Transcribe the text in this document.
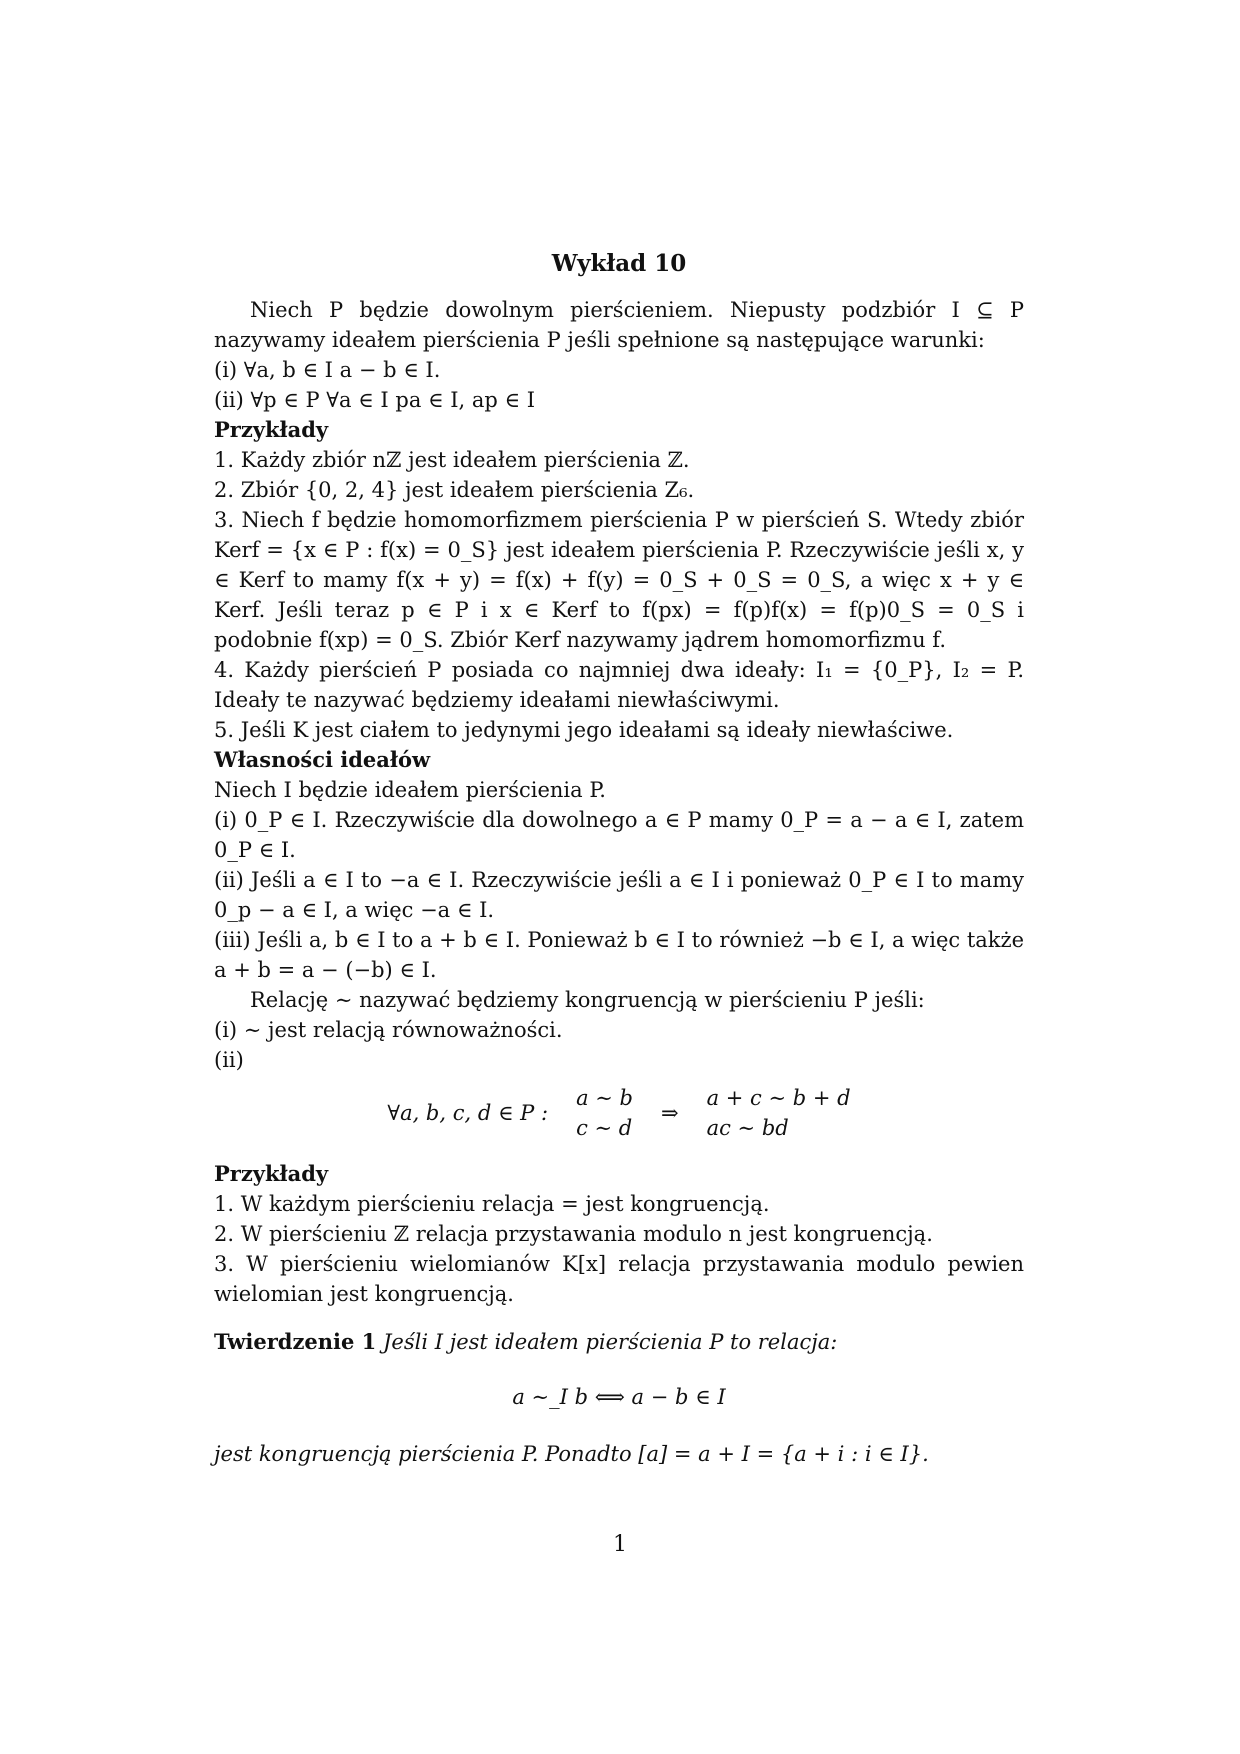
Wykład 10

Niech P będzie dowolnym pierścieniem. Niepusty podzbiór I ⊆ P nazywamy ideałem pierścienia P jeśli spełnione są następujące warunki:

(i) ∀a, b ∈ I a − b ∈ I.

(ii) ∀p ∈ P ∀a ∈ I pa ∈ I, ap ∈ I

Przykłady

1. Każdy zbiór nℤ jest ideałem pierścienia ℤ.

2. Zbiór {0, 2, 4} jest ideałem pierścienia Z₆.

3. Niech f będzie homomorfizmem pierścienia P w pierścień S. Wtedy zbiór Kerf = {x ∈ P : f(x) = 0_S} jest ideałem pierścienia P. Rzeczywiście jeśli x, y ∈ Kerf to mamy f(x + y) = f(x) + f(y) = 0_S + 0_S = 0_S, a więc x + y ∈ Kerf. Jeśli teraz p ∈ P i x ∈ Kerf to f(px) = f(p)f(x) = f(p)0_S = 0_S i podobnie f(xp) = 0_S. Zbiór Kerf nazywamy jądrem homomorfizmu f.

4. Każdy pierścień P posiada co najmniej dwa ideały: I₁ = {0_P}, I₂ = P. Ideały te nazywać będziemy ideałami niewłaściwymi.

5. Jeśli K jest ciałem to jedynymi jego ideałami są ideały niewłaściwe.

Własności ideałów

Niech I będzie ideałem pierścienia P.

(i) 0_P ∈ I. Rzeczywiście dla dowolnego a ∈ P mamy 0_P = a − a ∈ I, zatem 0_P ∈ I.

(ii) Jeśli a ∈ I to −a ∈ I. Rzeczywiście jeśli a ∈ I i ponieważ 0_P ∈ I to mamy 0_p − a ∈ I, a więc −a ∈ I.

(iii) Jeśli a, b ∈ I to a + b ∈ I. Ponieważ b ∈ I to również −b ∈ I, a więc także a + b = a − (−b) ∈ I.

Relację ∼ nazywać będziemy kongruencją w pierścieniu P jeśli:

(i) ∼ jest relacją równoważności.

(ii)

∀a, b, c, d ∈ P :
a ∼ b
c ∼ d
⇒
a + c ∼ b + d
ac ∼ bd
Przykłady

1. W każdym pierścieniu relacja = jest kongruencją.

2. W pierścieniu ℤ relacja przystawania modulo n jest kongruencją.

3. W pierścieniu wielomianów K[x] relacja przystawania modulo pewien wielomian jest kongruencją.

Twierdzenie 1 Jeśli I jest ideałem pierścienia P to relacja:

a ∼_I b ⟺ a − b ∈ I

jest kongruencją pierścienia P. Ponadto [a] = a + I = {a + i : i ∈ I}.

1
